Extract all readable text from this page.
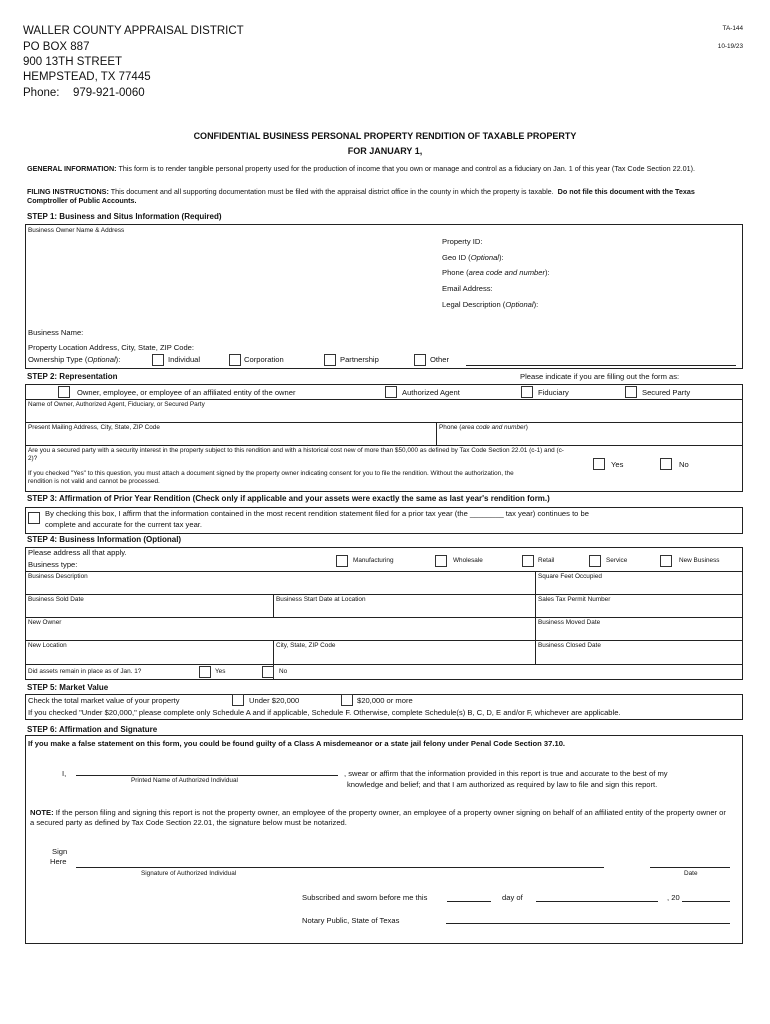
WALLER COUNTY APPRAISAL DISTRICT
PO BOX 887
900 13TH STREET
HEMPSTEAD, TX 77445
Phone: 979-921-0060
TA-144
10-19/23
CONFIDENTIAL BUSINESS PERSONAL PROPERTY RENDITION OF TAXABLE PROPERTY
FOR JANUARY 1,
GENERAL INFORMATION: This form is to render tangible personal property used for the production of income that you own or manage and control as a fiduciary on Jan. 1 of this year (Tax Code Section 22.01).
FILING INSTRUCTIONS: This document and all supporting documentation must be filed with the appraisal district office in the county in which the property is taxable. Do not file this document with the Texas Comptroller of Public Accounts.
STEP 1: Business and Situs Information (Required)
Business Owner Name & Address
Property ID:
Geo ID (Optional):
Phone (area code and number):
Email Address:
Legal Description (Optional):
Business Name:
Property Location Address, City, State, ZIP Code:
Ownership Type (Optional):	Individual	Corporation	Partnership	Other
STEP 2: Representation	Please indicate if you are filling out the form as:
Owner, employee, or employee of an affiliated entity of the owner	Authorized Agent	Fiduciary	Secured Party
Name of Owner, Authorized Agent, Fiduciary, or Secured Party
Present Mailing Address, City, State, ZIP Code	Phone (area code and number)
Are you a secured party with a security interest in the property subject to this rendition and with a historical cost new of more than $50,000 as defined by Tax Code Section 22.01 (c-1) and (c-2)?
If you checked "Yes" to this question, you must attach a document signed by the property owner indicating consent for you to file the rendition. Without the authorization, the rendition is not valid and cannot be processed.
Yes	No
STEP 3: Affirmation of Prior Year Rendition (Check only if applicable and your assets were exactly the same as last year's rendition form.)
By checking this box, I affirm that the information contained in the most recent rendition statement filed for a prior tax year (the ________ tax year) continues to be
complete and accurate for the current tax year.
STEP 4: Business Information (Optional)
Please address all that apply.
Business type:	Manufacturing	Wholesale	Retail	Service	New Business
Business Description	Square Feet Occupied
Business Sold Date	Business Start Date at Location	Sales Tax Permit Number
New Owner	Business Moved Date
New Location	City, State, ZIP Code	Business Closed Date
Did assets remain in place as of Jan. 1?	Yes	No
STEP 5: Market Value
Check the total market value of your property	Under $20,000	$20,000 or more
If you checked "Under $20,000," please complete only Schedule A and if applicable, Schedule F. Otherwise, complete Schedule(s) B, C, D, E and/or F, whichever are applicable.
STEP 6: Affirmation and Signature
If you make a false statement on this form, you could be found guilty of a Class A misdemeanor or a state jail felony under Penal Code Section 37.10.
I,
Printed Name of Authorized Individual
, swear or affirm that the information provided in this report is true and accurate to the best of my
knowledge and belief; and that I am authorized as required by law to file and sign this report.
NOTE: If the person filing and signing this report is not the property owner, an employee of the property owner, an employee of a property owner signing on behalf of an affiliated entity of the property owner or a secured party as defined by Tax Code Section 22.01, the signature below must be notarized.
Sign
Here
Signature of Authorized Individual	Date
Subscribed and sworn before me this	day of	, 20
Notary Public, State of Texas
